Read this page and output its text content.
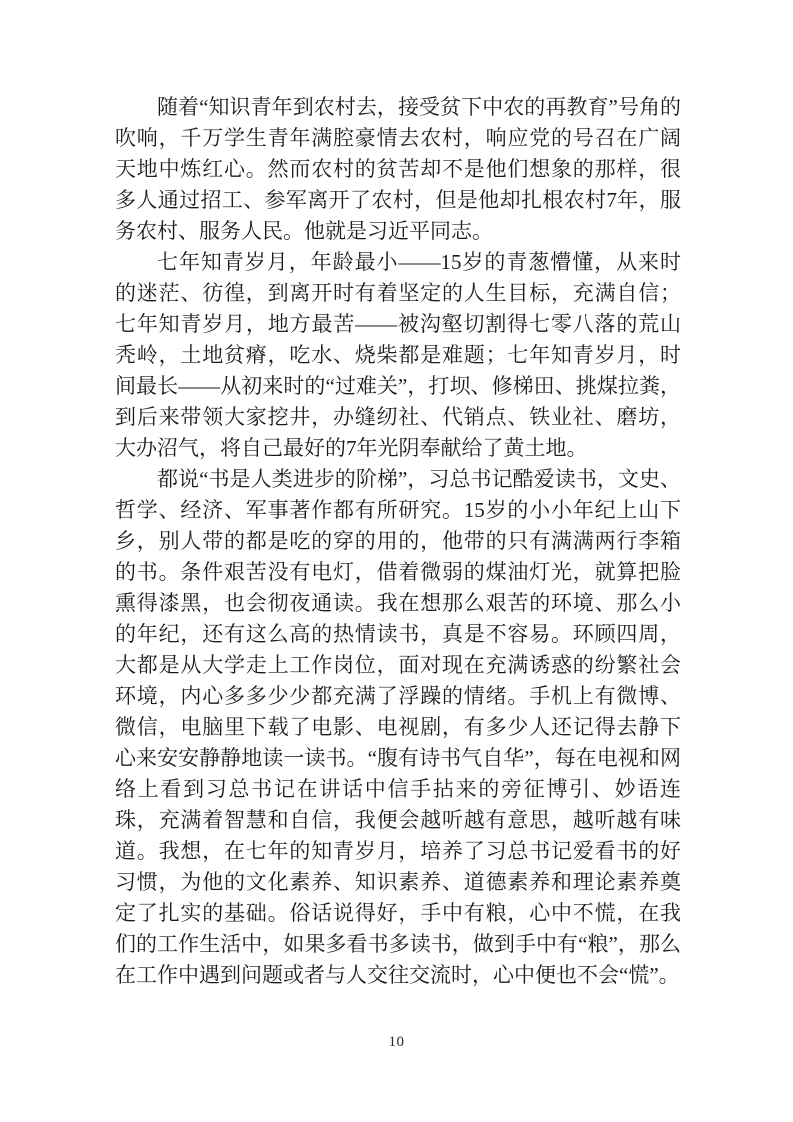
随着“知识青年到农村去，接受贫下中农的再教育”号角的吹响，千万学生青年满腔豪情去农村，响应党的号召在广阔天地中炼红心。然而农村的贫苦却不是他们想象的那样，很多人通过招工、参军离开了农村，但是他却扎根农村7年，服务农村、服务人民。他就是习近平同志。

七年知青岁月，年龄最小——15岁的青葱懵懂，从来时的迷茫、彷徨，到离开时有着坚定的人生目标，充满自信；七年知青岁月，地方最苦——被沟壑切割得七零八落的荒山秃岭，土地贫瘠，吃水、烧柴都是难题；七年知青岁月，时间最长——从初来时的“过难关”，打坝、修梯田、挑煤拉粪，到后来带领大家挖井，办缝纫社、代销点、铁业社、磨坊，大办沼气，将自己最好的7年光阴奉献给了黄土地。

都说“书是人类进步的阶梯”，习总书记酷爱读书，文史、哲学、经济、军事著作都有所研究。15岁的小小年纪上山下乡，别人带的都是吃的穿的用的，他带的只有满满两行李箱的书。条件艰苦没有电灯，借着微弱的煤油灯光，就算把脸熏得漆黑，也会彻夜通读。我在想那么艰苦的环境、那么小的年纪，还有这么高的热情读书，真是不容易。环顾四周，大都是从大学走上工作岗位，面对现在充满诱惑的纷繁社会环境，内心多多少少都充满了浮躁的情绪。手机上有微博、微信，电脑里下载了电影、电视剧，有多少人还记得去静下心来安安静静地读一读书。“腹有诗书气自华”，每在电视和网络上看到习总书记在讲话中信手拈来的旁征博引、妙语连珠，充满着智慧和自信，我便会越听越有意思，越听越有味道。我想，在七年的知青岁月，培养了习总书记爱看书的好习惯，为他的文化素养、知识素养、道德素养和理论素养奠定了扎实的基础。俗话说得好，手中有粮，心中不慌，在我们的工作生活中，如果多看书多读书，做到手中有“粮”，那么在工作中遇到问题或者与人交往交流时，心中便也不会“慌”。

10
